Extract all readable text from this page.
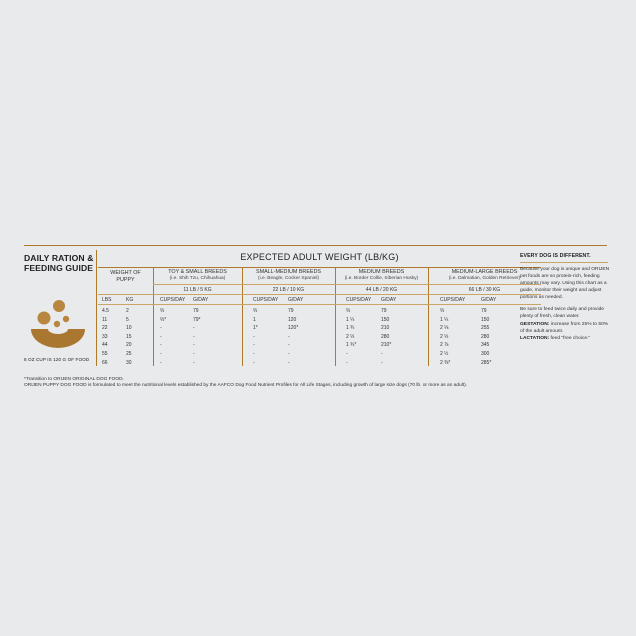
DAILY RATION &
FEEDING GUIDE
8 OZ CUP IS 120 G OF FOOD
EXPECTED ADULT WEIGHT (LB/KG)
WEIGHT OF
PUPPY
TOY & SMALL BREEDS
(i.e. Shih Tzu, Chihuahua)
SMALL-MEDIUM BREEDS
(i.e. Beagle, Cocker Spaniel)
MEDIUM BREEDS
(i.e. Border Collie, Siberian Husky)
MEDIUM-LARGE BREEDS
(i.e. Dalmatian, Golden Retriever)
11 LB / 5 KG	22 LB / 10 KG	44 LB / 20 KG	66 LB / 30 KG
LBS	KG	CUPS/DAY G/DAY	CUPS/DAY G/DAY	CUPS/DAY G/DAY	CUPS/DAY	G/DAY
4.5	2	⅔	79	⅔	79	⅔	79	⅔	79
11	5	⅔*	79*	1	120	1 ¼	150	1 ¼	150
22	10	-	-	1*	120*	1 ¾	210	2 ⅛	255
33	15	-	-	-	-	2 ⅓	280	2 ⅓	280
44	20	-	-	-	-	1 ¾*	210*	2 ⅞	345
55	25	-	-	-	-	-	-	2 ½	300
66	30	-	-	-	-	-	-	2 ⅜*	285*
EVERY DOG IS DIFFERENT.
Because your dog is unique and ORIJEN pet foods are so protein-rich, feeding amounts may vary. Using this chart as a guide, monitor their weight and adjust portions as needed.
Be sure to feed twice daily and provide plenty of fresh, clean water.
GESTATION: increase from 25% to 50% of the adult amount.
LACTATION: feed "free choice."
*Transition to ORIJEN ORIGINAL DOG FOOD.
ORIJEN PUPPY DOG FOOD is formulated to meet the nutritional levels established by the AAFCO Dog Food Nutrient Profiles for All Life Stages, including growth of large size dogs (70 lb. or more as an adult).
